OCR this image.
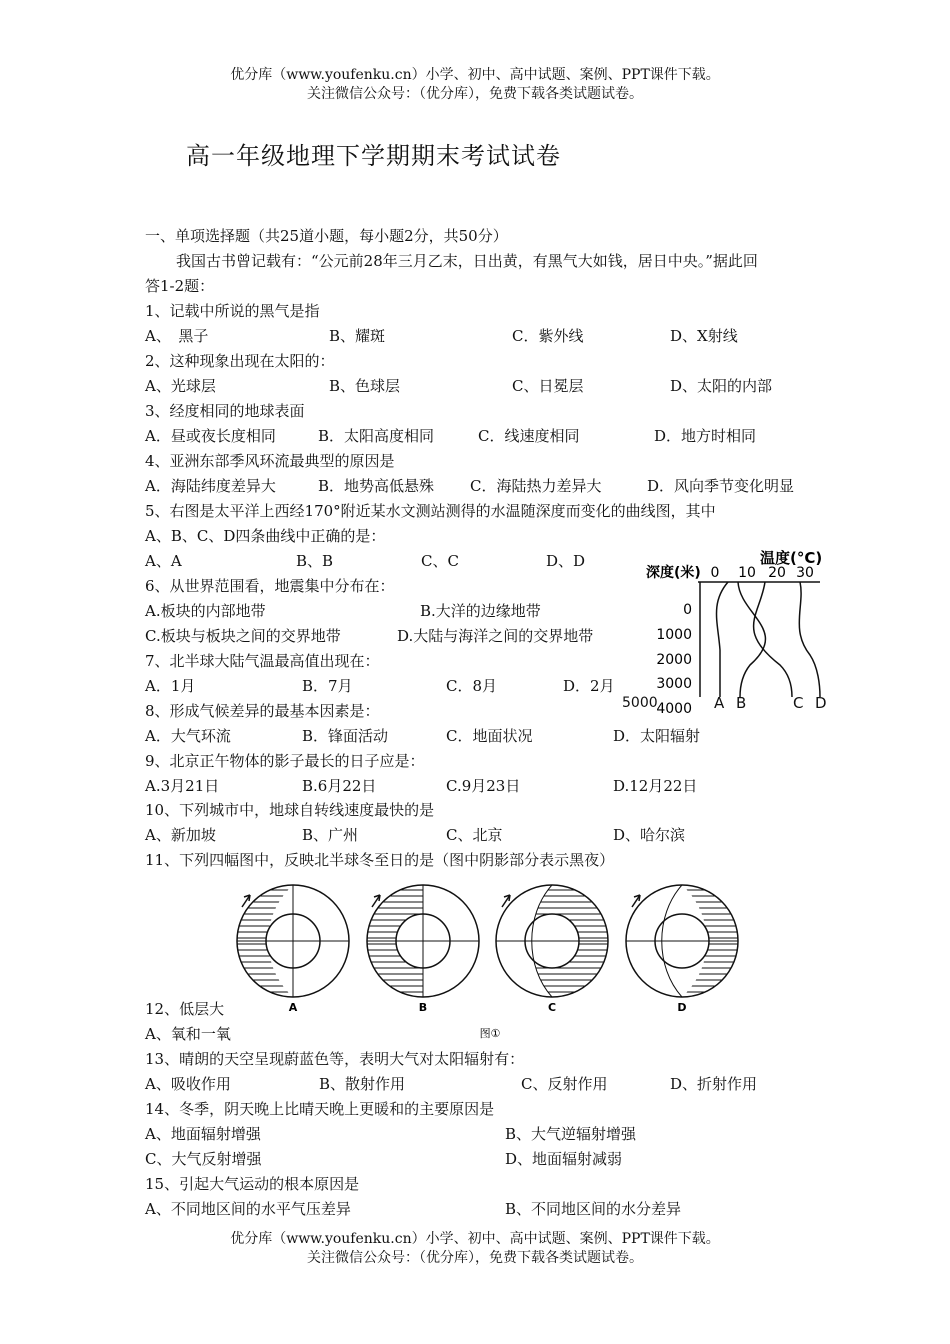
优分库（www.youfenku.cn）小学、初中、高中试题、案例、PPT课件下载。
关注微信公众号：（优分库），免费下载各类试题试卷。
高一年级地理下学期期末考试试卷
一、单项选择题（共25道小题，每小题2分，共50分）
我国古书曾记载有：“公元前28年三月乙末，日出黄，有黑气大如钱，居日中央。”据此回
答1-2题：
1、记载中所说的黑气是指
A、　黑子	B、耀斑	C．紫外线	D、X射线
2、这种现象出现在太阳的：
A、光球层	B、色球层	C、日冕层	D、太阳的内部
3、经度相同的地球表面
A．昼或夜长度相同	B．太阳高度相同	C．线速度相同	D．地方时相同
4、亚洲东部季风环流最典型的原因是
A．海陆纬度差异大	B．地势高低悬殊 C．海陆热力差异大	D．风向季节变化明显
5、右图是太平洋上西经170°附近某水文测站测得的水温随深度而变化的曲线图，其中
A、B、C、D四条曲线中正确的是：
A、A	B、B	C、C	D、D
6、从世界范围看，地震集中分布在：
A.板块的内部地带	B.大洋的边缘地带
C.板块与板块之间的交界地带	D.大陆与海洋之间的交界地带
7、北半球大陆气温最高值出现在：
A．1月	B．7月	C．8月	D．2月
8、形成气候差异的最基本因素是：
A．大气环流	B．锋面活动	C．地面状况	D．太阳辐射
9、北京正午物体的影子最长的日子应是：
A.3月21日	B.6月22日	C.9月23日	D.12月22日
10、下列城市中，地球自转线速度最快的是
A、新加坡	B、广州	C、北京	D、哈尔滨
11、下列四幅图中，反映北半球冬至日的是（图中阴影部分表示黑夜）
12、低层大
A、氧和一氧
13、晴朗的天空呈现蔚蓝色等，表明大气对太阳辐射有：
A、吸收作用	B、散射作用	C、反射作用	D、折射作用
14、冬季，阴天晚上比晴天晚上更暖和的主要原因是
A、地面辐射增强	B、大气逆辐射增强
C、大气反射增强	D、地面辐射减弱
15、引起大气运动的根本原因是
A、不同地区间的水平气压差异	B、不同地区间的水分差异
优分库（www.youfenku.cn）小学、初中、高中试题、案例、PPT课件下载。
关注微信公众号：（优分库），免费下载各类试题试卷。
温度(°C)
深度(米) 0 10 20 30
0
1000
2000
3000
4000
5000	A B	C D
A	B	C	D
图①
